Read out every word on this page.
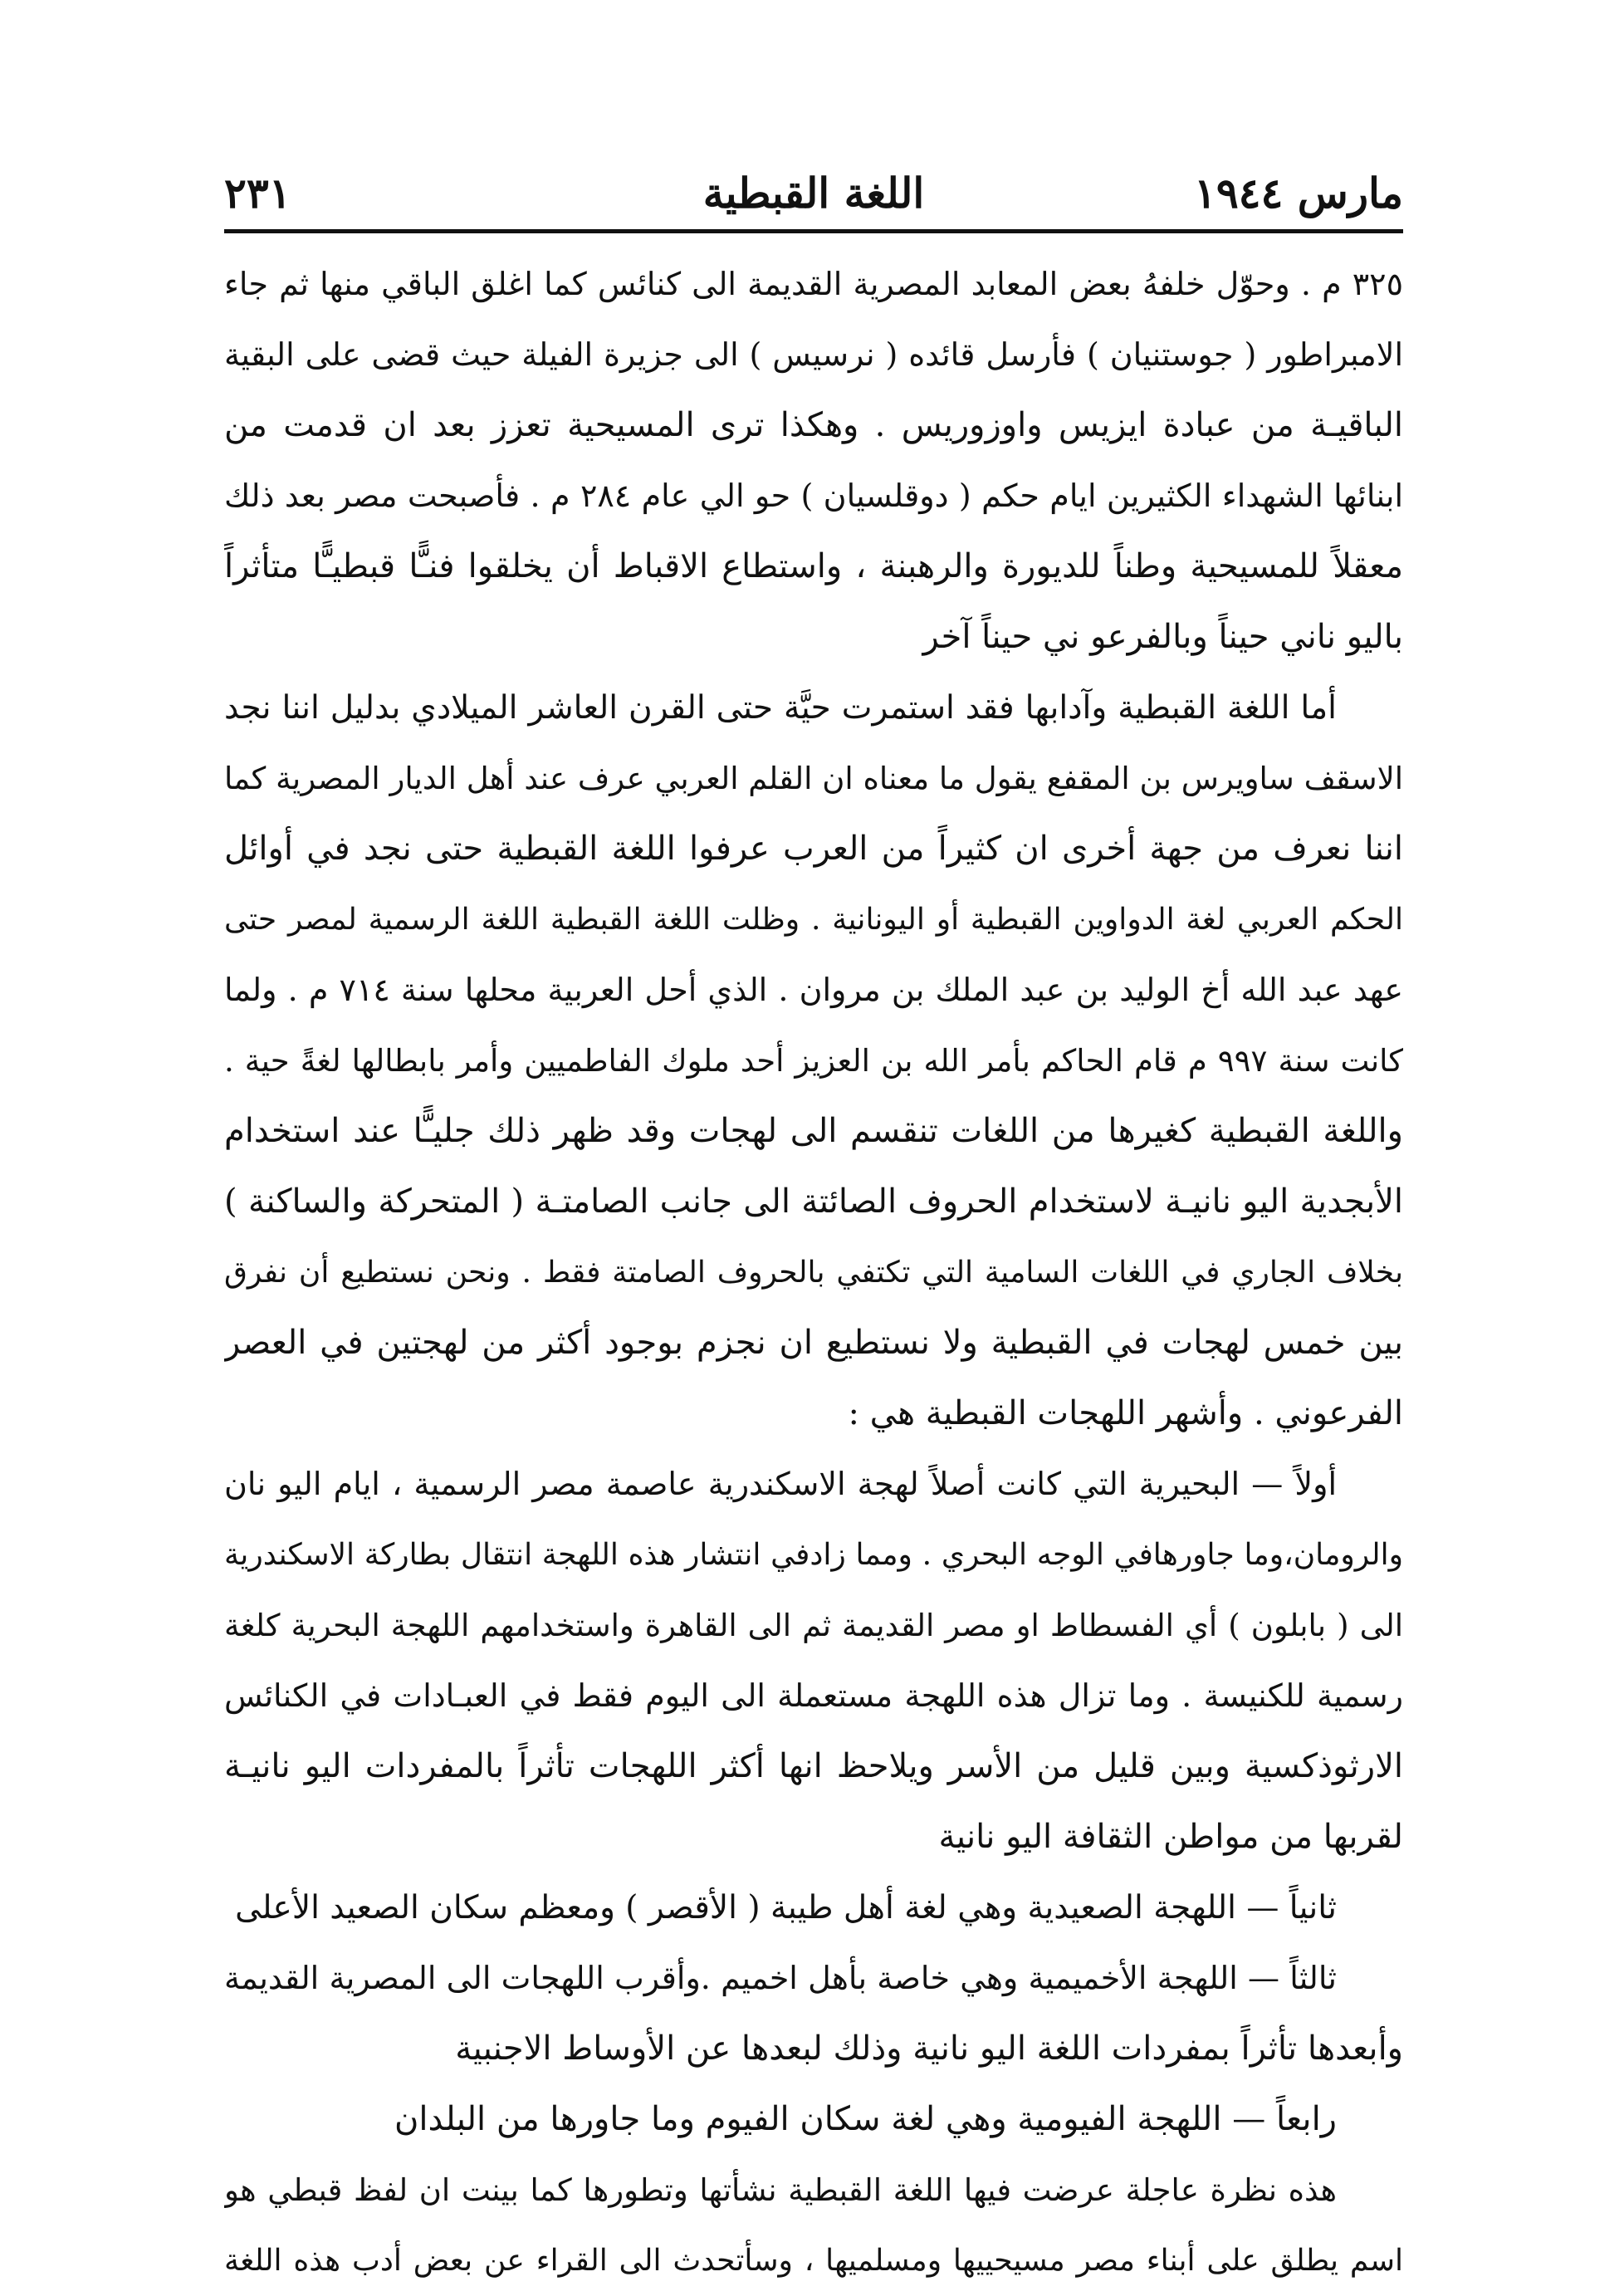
مارس ١٩٤٤
اللغة القبطية
٢٣١
٣٢٥ م . وحوّل خلفهُ بعض المعابد المصرية القديمة الى كنائس كما اغلق الباقي منها ثم جاء
الامبراطور ( جوستنيان ) فأرسل قائده ( نرسيس ) الى جزيرة الفيلة حيث قضى على البقية
الباقيـة من عبادة ايزيس واوزوريس . وهكذا ترى المسيحية تعزز بعد ان قدمت من
ابنائها الشهداء الكثيرين ايام حكم ( دوقلسيان ) حو الي عام ٢٨٤ م . فأصبحت مصر بعد ذلك
معقلاً للمسيحية وطناً للديورة والرهبنة ، واستطاع الاقباط أن يخلقوا فنـًّا قبطيـًّا متأثراً
باليو ناني حيناً وبالفرعو ني حيناً آخر
أما اللغة القبطية وآدابها فقد استمرت حيَّة حتى القرن العاشر الميلادي بدليل اننا نجد
الاسقف ساويرس بن المقفع يقول ما معناه ان القلم العربي عرف عند أهل الديار المصرية كما
اننا نعرف من جهة أخرى ان كثيراً من العرب عرفوا اللغة القبطية حتى نجد في أوائل
الحكم العربي لغة الدواوين القبطية أو اليونانية . وظلت اللغة القبطية اللغة الرسمية لمصر حتى
عهد عبد الله أخ الوليد بن عبد الملك بن مروان . الذي أحل العربية محلها سنة ٧١٤ م . ولما
كانت سنة ٩٩٧ م قام الحاكم بأمر الله بن العزيز أحد ملوك الفاطميين وأمر بابطالها لغةً حية .
واللغة القبطية كغيرها من اللغات تنقسم الى لهجات وقد ظهر ذلك جليـًّا عند استخدام
الأبجدية اليو نانيـة لاستخدام الحروف الصائتة الى جانب الصامتـة ( المتحركة والساكنة )
بخلاف الجاري في اللغات السامية التي تكتفي بالحروف الصامتة فقط . ونحن نستطيع أن نفرق
بين خمس لهجات في القبطية ولا نستطيع ان نجزم بوجود أكثر من لهجتين في العصر
الفرعوني . وأشهر اللهجات القبطية هي :
أولاً — البحيرية التي كانت أصلاً لهجة الاسكندرية عاصمة مصر الرسمية ، ايام اليو نان
والرومان،وما جاورهافي الوجه البحري . ومما زادفي انتشار هذه اللهجة انتقال بطاركة الاسكندرية
الى ( بابلون ) أي الفسطاط او مصر القديمة ثم الى القاهرة واستخدامهم اللهجة البحرية كلغة
رسمية للكنيسة . وما تزال هذه اللهجة مستعملة الى اليوم فقط في العبـادات في الكنائس
الارثوذكسية وبين قليل من الأسر ويلاحظ انها أكثر اللهجات تأثراً بالمفردات اليو نانيـة
لقربها من مواطن الثقافة اليو نانية
ثانياً — اللهجة الصعيدية وهي لغة أهل طيبة ( الأقصر ) ومعظم سكان الصعيد الأعلى
ثالثاً — اللهجة الأخميمية وهي خاصة بأهل اخميم .وأقرب اللهجات الى المصرية القديمة
وأبعدها تأثراً بمفردات اللغة اليو نانية وذلك لبعدها عن الأوساط الاجنبية
رابعاً — اللهجة الفيومية وهي لغة سكان الفيوم وما جاورها من البلدان
هذه نظرة عاجلة عرضت فيها اللغة القبطية نشأتها وتطورها كما بينت ان لفظ قبطي هو
اسم يطلق على أبناء مصر مسيحييها ومسلميها ، وسأتحدث الى القراء عن بعض أدب هذه اللغة
